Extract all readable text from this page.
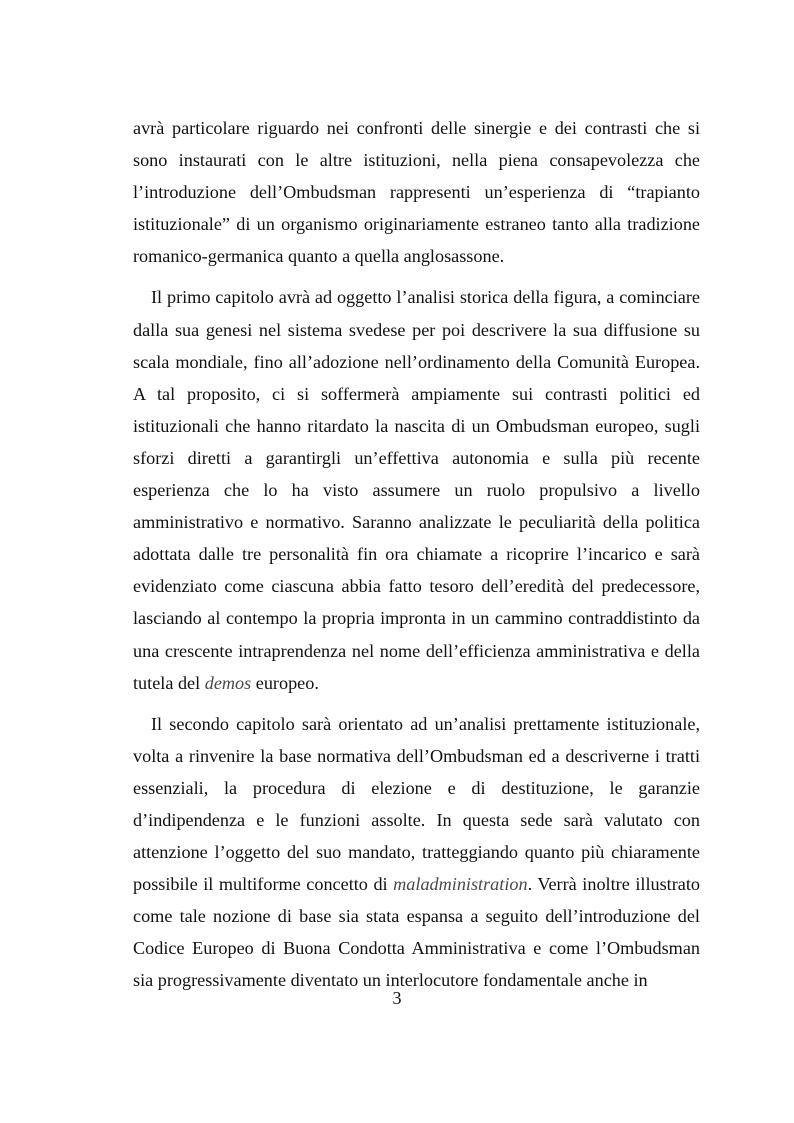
avrà particolare riguardo nei confronti delle sinergie e dei contrasti che si sono instaurati con le altre istituzioni, nella piena consapevolezza che l’introduzione dell’Ombudsman rappresenti un’esperienza di “trapianto istituzionale” di un organismo originariamente estraneo tanto alla tradizione romanico-germanica quanto a quella anglosassone.

Il primo capitolo avrà ad oggetto l’analisi storica della figura, a cominciare dalla sua genesi nel sistema svedese per poi descrivere la sua diffusione su scala mondiale, fino all’adozione nell’ordinamento della Comunità Europea. A tal proposito, ci si soffermerà ampiamente sui contrasti politici ed istituzionali che hanno ritardato la nascita di un Ombudsman europeo, sugli sforzi diretti a garantirgli un’effettiva autonomia e sulla più recente esperienza che lo ha visto assumere un ruolo propulsivo a livello amministrativo e normativo. Saranno analizzate le peculiarità della politica adottata dalle tre personalità fin ora chiamate a ricoprire l’incarico e sarà evidenziato come ciascuna abbia fatto tesoro dell’eredità del predecessore, lasciando al contempo la propria impronta in un cammino contraddistinto da una crescente intraprendenza nel nome dell’efficienza amministrativa e della tutela del demos europeo.

Il secondo capitolo sarà orientato ad un’analisi prettamente istituzionale, volta a rinvenire la base normativa dell’Ombudsman ed a descriverne i tratti essenziali, la procedura di elezione e di destituzione, le garanzie d’indipendenza e le funzioni assolte. In questa sede sarà valutato con attenzione l’oggetto del suo mandato, tratteggiando quanto più chiaramente possibile il multiforme concetto di maladministration. Verrà inoltre illustrato come tale nozione di base sia stata espansa a seguito dell’introduzione del Codice Europeo di Buona Condotta Amministrativa e come l’Ombudsman sia progressivamente diventato un interlocutore fondamentale anche in

3
